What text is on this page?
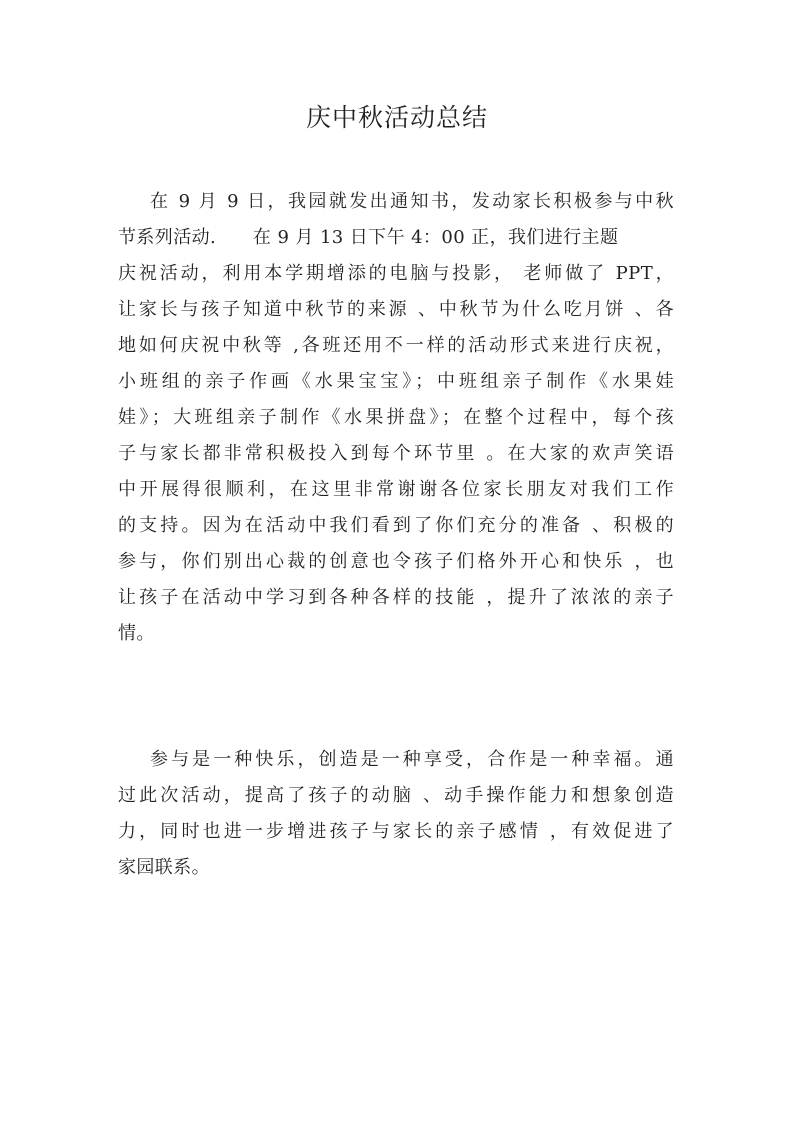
庆中秋活动总结
在 9 月 9 日，我园就发出通知书，发动家长积极参与中秋
节系列活动.　　在 9 月 13 日下午 4：00 正，我们进行主题
庆祝活动，利用本学期增添的电脑与投影， 老师做了 PPT，
让家长与孩子知道中秋节的来源 、中秋节为什么吃月饼 、各
地如何庆祝中秋等 ,各班还用不一样的活动形式来进行庆祝，
小班组的亲子作画《水果宝宝》；中班组亲子制作《水果娃
娃》；大班组亲子制作《水果拼盘》；在整个过程中，每个孩
子与家长都非常积极投入到每个环节里 。在大家的欢声笑语
中开展得很顺利，在这里非常谢谢各位家长朋友对我们工作
的支持。因为在活动中我们看到了你们充分的准备 、积极的
参与，你们别出心裁的创意也令孩子们格外开心和快乐 ，也
让孩子在活动中学习到各种各样的技能 ，提升了浓浓的亲子
情。
参与是一种快乐，创造是一种享受，合作是一种幸福。通
过此次活动，提高了孩子的动脑 、动手操作能力和想象创造
力，同时也进一步增进孩子与家长的亲子感情 ，有效促进了
家园联系。
